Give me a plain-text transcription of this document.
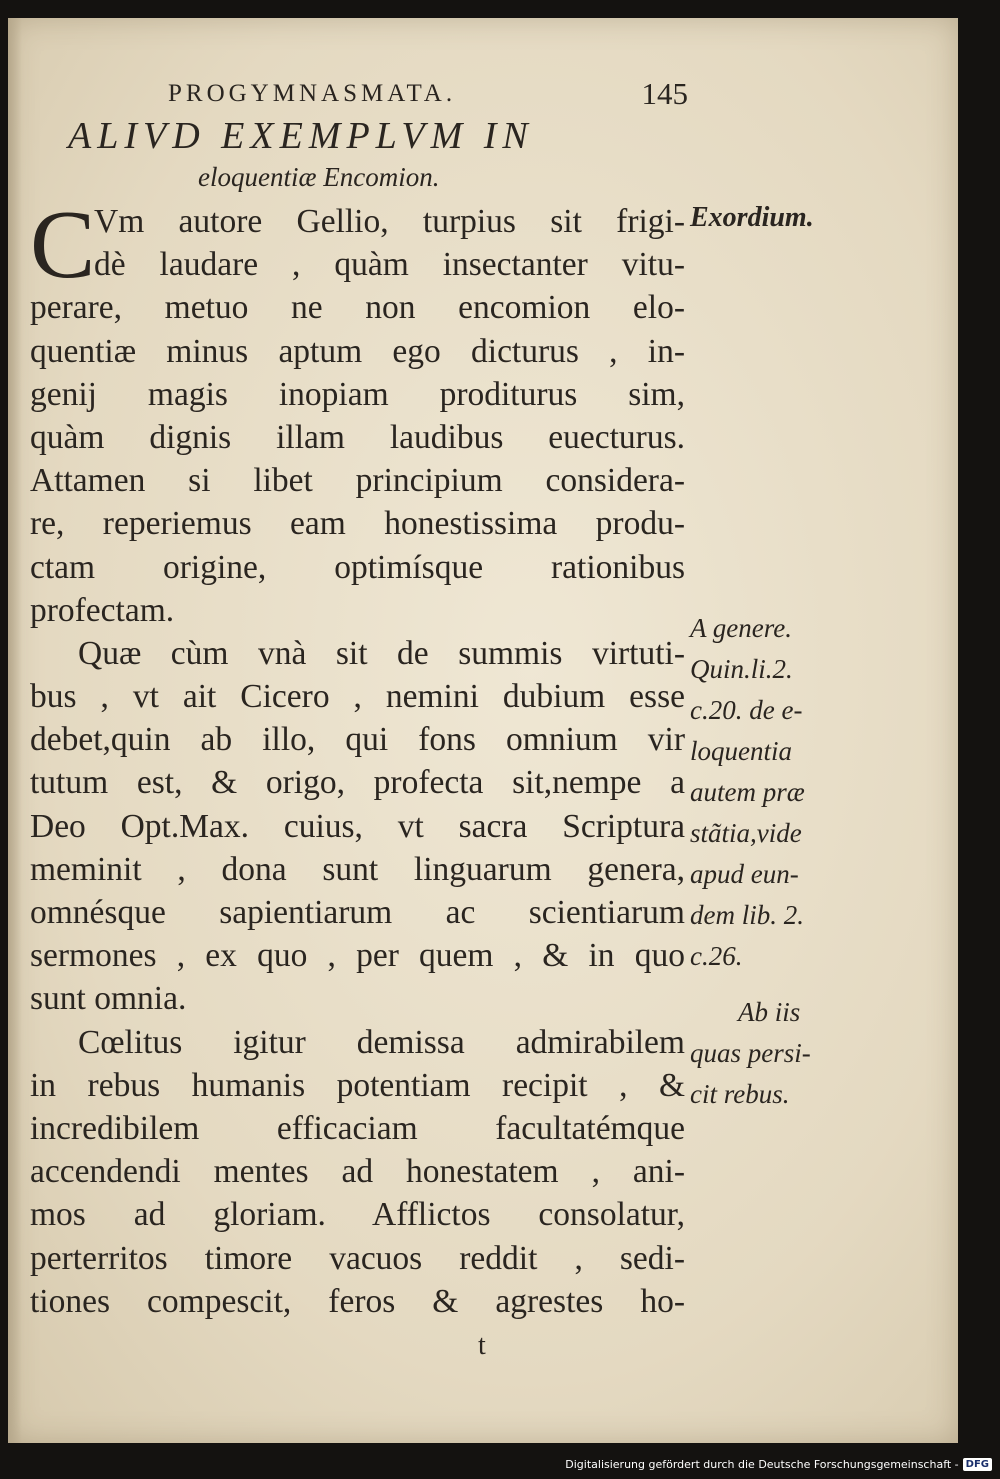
PROGYMNASMATA.	145
ALIVD EXEMPLVM IN
eloquentiæ Encomion.
C
Vm autore Gellio, turpius sit frigi-
dè laudare , quàm insectanter vitu-
perare, metuo ne non encomion elo-
quentiæ minus aptum ego dicturus , in-
genij magis inopiam proditurus sim,
quàm dignis illam laudibus euecturus.
Attamen si libet principium considera-
re, reperiemus eam honestissima produ-
ctam origine, optimísque rationibus
profectam.
Quæ cùm vnà sit de summis virtuti-
bus , vt ait Cicero , nemini dubium esse
debet,quin ab illo, qui fons omnium vir
tutum est, & origo, profecta sit,nempe a
Deo Opt.Max. cuius, vt sacra Scriptura
meminit , dona sunt linguarum genera,
omnésque sapientiarum ac scientiarum
sermones , ex quo , per quem , & in quo
sunt omnia.
Cœlitus igitur demissa admirabilem
in rebus humanis potentiam recipit , &
incredibilem efficaciam facultatémque
accendendi mentes ad honestatem , ani-
mos ad gloriam. Afflictos consolatur,
perterritos timore vacuos reddit , sedi-
tiones compescit, feros & agrestes ho-
Exordium.
A genere.
Quin.li.2.
c.20. de e-
loquentia
autem præ
stãtia,vide
apud eun-
dem lib. 2.
c.26.
Ab iis
quas persi-
cit rebus.
t
Digitalisierung gefördert durch die Deutsche Forschungsgemeinschaft - DFG
